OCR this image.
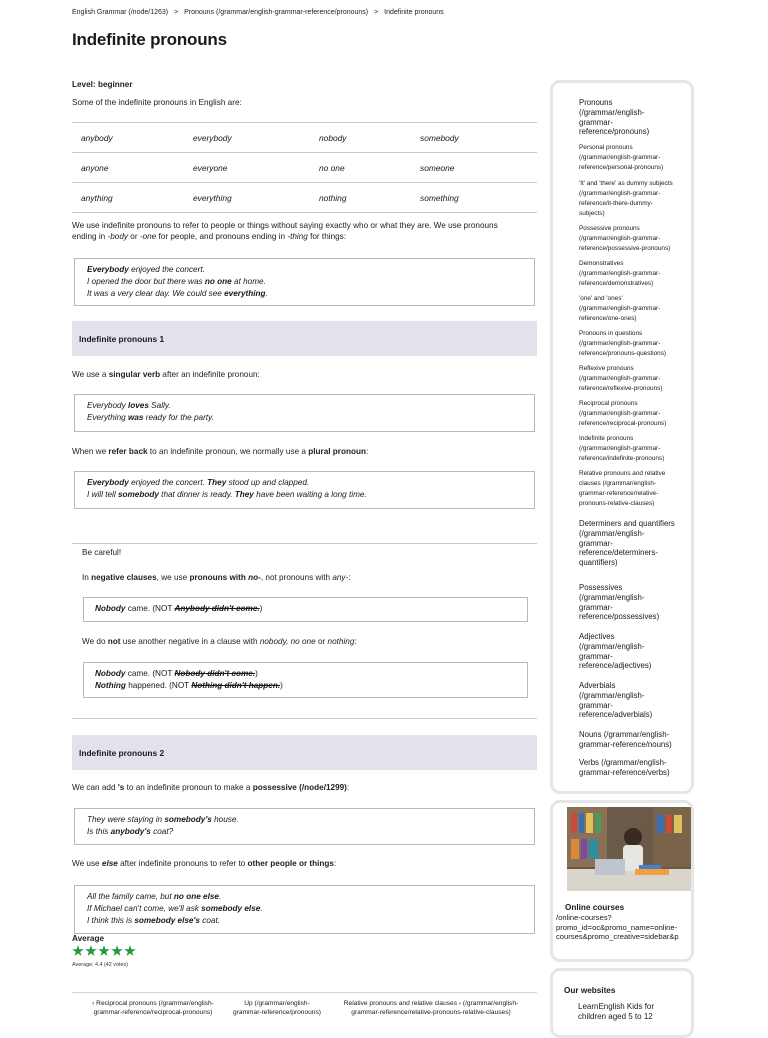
English Grammar (/node/1263) > Pronouns (/grammar/english-grammar-reference/pronouns) > Indefinite pronouns
Indefinite pronouns
Level: beginner
Some of the indefinite pronouns in English are:
anybody	everybody	nobody	somebody
anyone	everyone	no one	someone
anything	everything	nothing	something
We use indefinite pronouns to refer to people or things without saying exactly who or what they are. We use pronouns
ending in -body or -one for people, and pronouns ending in -thing for things:
Everybody enjoyed the concert.
I opened the door but there was no one at home.
It was a very clear day. We could see everything.
Indefinite pronouns 1
We use a singular verb after an indefinite pronoun:
Everybody loves Sally.
Everything was ready for the party.
When we refer back to an indefinite pronoun, we normally use a plural pronoun:
Everybody enjoyed the concert. They stood up and clapped.
I will tell somebody that dinner is ready. They have been waiting a long time.
Be careful!
In negative clauses, we use pronouns with no-, not pronouns with any-:
Nobody came. (NOT Anybody didn't come.)
We do not use another negative in a clause with nobody, no one or nothing:
Nobody came. (NOT Nobody didn't come.)
Nothing happened. (NOT Nothing didn't happen.)
Indefinite pronouns 2
We can add 's to an indefinite pronoun to make a possessive (/node/1299):
They were staying in somebody's house.
Is this anybody's coat?
We use else after indefinite pronouns to refer to other people or things:
All the family came, but no one else.
If Michael can't come, we'll ask somebody else.
I think this is somebody else's coat.
Average
Average: 4.4 (42 votes)
‹ Reciprocal pronouns (/grammar/english-
grammar-reference/reciprocal-pronouns)
Up (/grammar/english-
grammar-reference/pronouns)
Relative pronouns and relative clauses › (/grammar/english-
grammar-reference/relative-pronouns-relative-clauses)
Pronouns
(/grammar/english-
grammar-
reference/pronouns)
Personal pronouns
(/grammar/english-grammar-
reference/personal-pronouns)
'It' and 'there' as dummy subjects
(/grammar/english-grammar-
reference/it-there-dummy-
subjects)
Possessive pronouns
(/grammar/english-grammar-
reference/possessive-pronouns)
Demonstratives
(/grammar/english-grammar-
reference/demonstratives)
'one' and 'ones'
(/grammar/english-grammar-
reference/one-ones)
Pronouns in questions
(/grammar/english-grammar-
reference/pronouns-questions)
Reflexive pronouns
(/grammar/english-grammar-
reference/reflexive-pronouns)
Reciprocal pronouns
(/grammar/english-grammar-
reference/reciprocal-pronouns)
Indefinite pronouns
(/grammar/english-grammar-
reference/indefinite-pronouns)
Relative pronouns and relative
clauses (/grammar/english-
grammar-reference/relative-
pronouns-relative-clauses)
Determiners and quantifiers
(/grammar/english-
grammar-
reference/determiners-
quantifiers)
Possessives
(/grammar/english-
grammar-
reference/possessives)
Adjectives
(/grammar/english-
grammar-
reference/adjectives)
Adverbials
(/grammar/english-
grammar-
reference/adverbials)
Nouns (/grammar/english-
grammar-reference/nouns)
Verbs (/grammar/english-
grammar-reference/verbs)
Online courses
/online-courses?
promo_id=oc&promo_name=online-
courses&promo_creative=sidebar&p
Our websites
LearnEnglish Kids for
children aged 5 to 12
